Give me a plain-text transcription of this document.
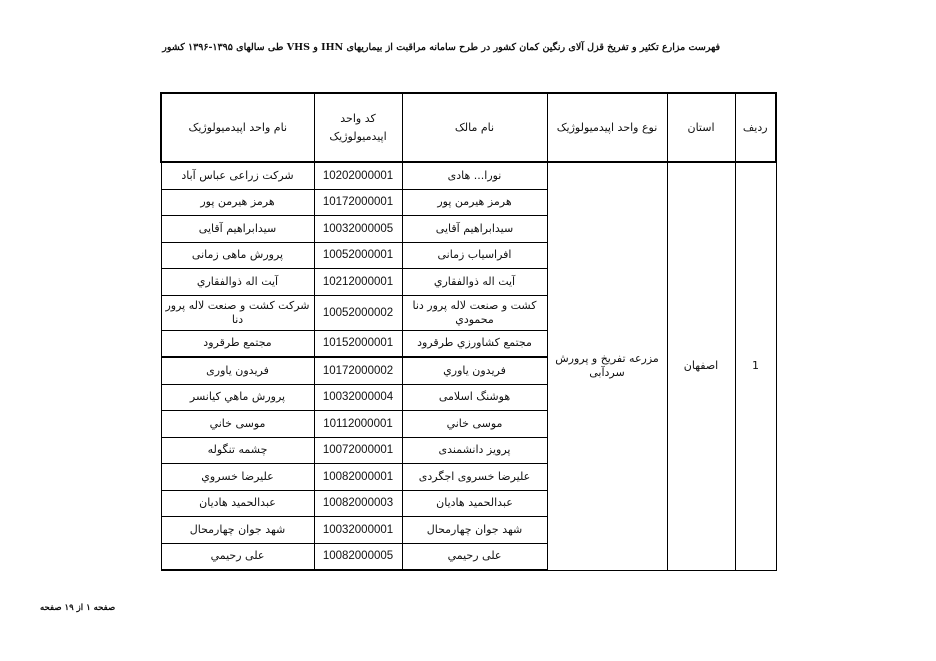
فهرست مزارع تکثیر و تفریخ قزل آلای رنگین کمان کشور در طرح سامانه مراقبت از بیماریهای IHN و VHS طی سالهای ۱۳۹۵-۱۳۹۶ کشور
ردیف	استان	نوع واحد اپیدمیولوژیک	نام مالک	کد واحد اپیدمیولوژیک	نام واحد اپیدمیولوژیک
1	اصفهان	مزرعه تفریخ و پرورش سردآبی	نورا... هادی	10202000001	شرکت زراعی عباس آباد
			هرمز هیرمن پور	10172000001	هرمز هیرمن پور
			سیدابراهیم آقایی	10032000005	سیدابراهیم آقایی
			افراسیاب زمانی	10052000001	پرورش ماهی زمانی
			آیت اله ذوالفقاري	10212000001	آیت اله ذوالفقاري
			کشت و صنعت لاله پرور دنا محمودي	10052000002	شرکت کشت و صنعت لاله پرور دنا
			مجتمع کشاورزي طرقرود	10152000001	مجتمع طرقرود
			فریدون یاوري	10172000002	فریدون یاوری
			هوشنگ اسلامی	10032000004	پرورش ماهي کیانسر
			موسی خاني	10112000001	موسی خاني
			پرویز دانشمندی	10072000001	چشمه تنگوله
			علیرضا خسروی اجگردی	10082000001	علیرضا خسروي
			عبدالحمید هادیان	10082000003	عبدالحمید هادیان
			شهد جوان چهارمحال	10032000001	شهد جوان چهارمحال
			علی رحیمي	10082000005	علی رحیمي
صفحه ۱ از ۱۹ صفحه
